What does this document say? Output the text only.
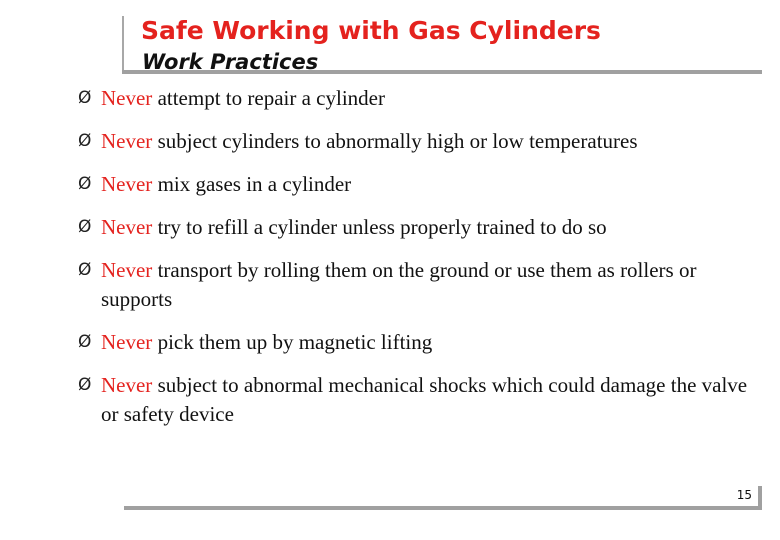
Safe Working with Gas Cylinders
Work Practices
Ø Never attempt to repair a cylinder
Ø Never subject cylinders to abnormally high or low temperatures
Ø Never mix gases in a cylinder
Ø Never try to refill a cylinder unless properly trained to do so
Ø Never transport by rolling them on the ground or use them as rollers or supports
Ø Never pick them up by magnetic lifting
Ø Never subject to abnormal mechanical shocks which could damage the valve or safety device
15
